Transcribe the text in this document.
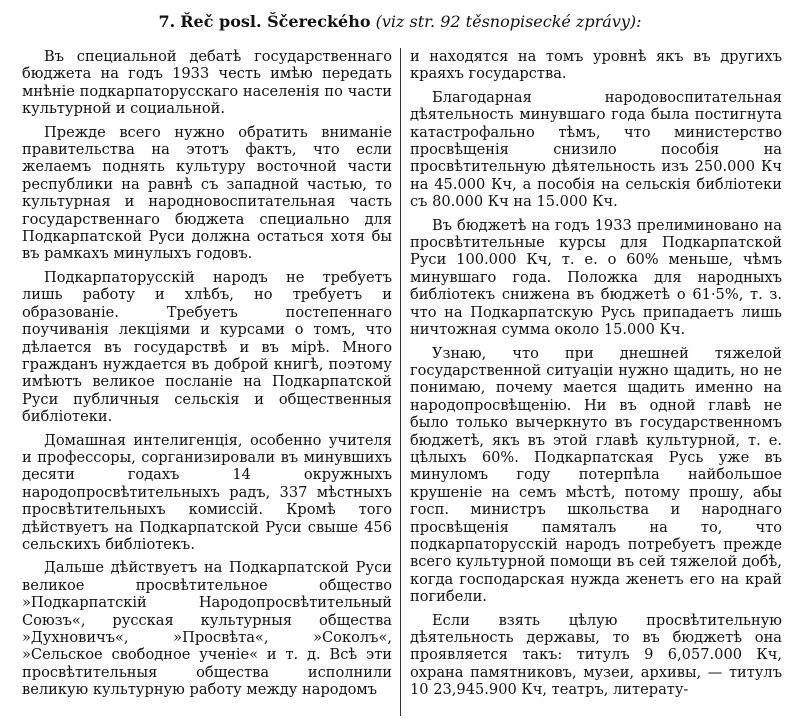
7. Řeč posl. Ščereckého (viz str. 92 těsnopisecké zprávy):

Въ специальной дебатѣ государственнаго бюджета на годъ 1933 честь имѣю передать мнѣніе подкарпаторусскаго населенія по части культурной и социальной.

Прежде всего нужно обратить вниманіе правительства на этотъ фактъ, что если желаемъ поднять культуру восточной части республики на равнѣ съ западной частью, то культурная и народновоспитательная часть государственнаго бюджета специально для Подкарпатской Руси должна остаться хотя бы въ рамкахъ минулыхъ годовъ.

Подкарпаторусскій народъ не требуетъ лишь работу и хлѣбъ, но требуетъ и образованіе. Требуетъ постепеннаго поучиванія лекціями и курсами о томъ, что дѣлается въ государствѣ и въ мірѣ. Много гражданъ нуждается въ доброй книгѣ, поэтому имѣютъ великое посланіе на Подкарпатской Руси публичныя сельскія и общественныя библіотеки.

Домашная интелигенція, особенно учителя и профессоры, сорганизировали въ минувшихъ десяти годахъ 14 окружныхъ народопросвѣтительныхъ радъ, 337 мѣстныхъ просвѣтительныхъ комиссій. Кромѣ того дѣйствуетъ на Подкарпатской Руси свыше 456 сельскихъ библіотекъ.

Дальше дѣйствуетъ на Подкарпатской Руси великое просвѣтительное общество »Подкарпатскій Народопросвѣтительный Союзъ«, русская культурныя общества »Духновичъ«, »Просвѣта«, »Соколъ«, »Сельское свободное ученіе« и т. д. Всѣ эти просвѣтительныя общества исполнили великую культурную работу между народомъ

и находятся на томъ уровнѣ якъ въ другихъ краяхъ государства.

Благодарная народовоспитательная дѣятельность минувшаго года была постигнута катастрофально тѣмъ, что министерство просвѣщенія снизило пособія на просвѣтительную дѣятельность изъ 250.000 Кч на 45.000 Кч, а пособія на сельскія библіотеки съ 80.000 Кч на 15.000 Кч.

Въ бюджетѣ на годъ 1933 прелиминовано на просвѣтительные курсы для Подкарпатской Руси 100.000 Кч, т. е. о 60% меньше, чѣмъ минувшаго года. Положка для народныхъ библіотекъ снижена въ бюджетѣ о 61·5%, т. з. что на Подкарпатскую Русь припадаетъ лишь ничтожная сумма около 15.000 Кч.

Узнаю, что при днешней тяжелой государственной ситуаціи нужно щадить, но не понимаю, почему мается щадить именно на народопросвѣщенію. Ни въ одной главѣ не было только вычеркнуто въ государственномъ бюджетѣ, якъ въ этой главѣ культурной, т. е. цѣлыхъ 60%. Подкарпатская Русь уже въ минуломъ году потерпѣла найбольшое крушеніе на семъ мѣстѣ, потому прошу, абы госп. министръ школьства и народнаго просвѣщенія памяталъ на то, что подкарпаторусскій народъ потребуетъ прежде всего культурной помощи въ сей тяжелой добѣ, когда господарская нужда женетъ его на край погибели.

Если взять цѣлую просвѣтительную дѣятельность державы, то въ бюджетѣ она проявляется такъ: титулъ 9 6,057.000 Кч, охрана памятниковъ, музеи, архивы, — титулъ 10 23,945.900 Кч, театръ, литерату-
